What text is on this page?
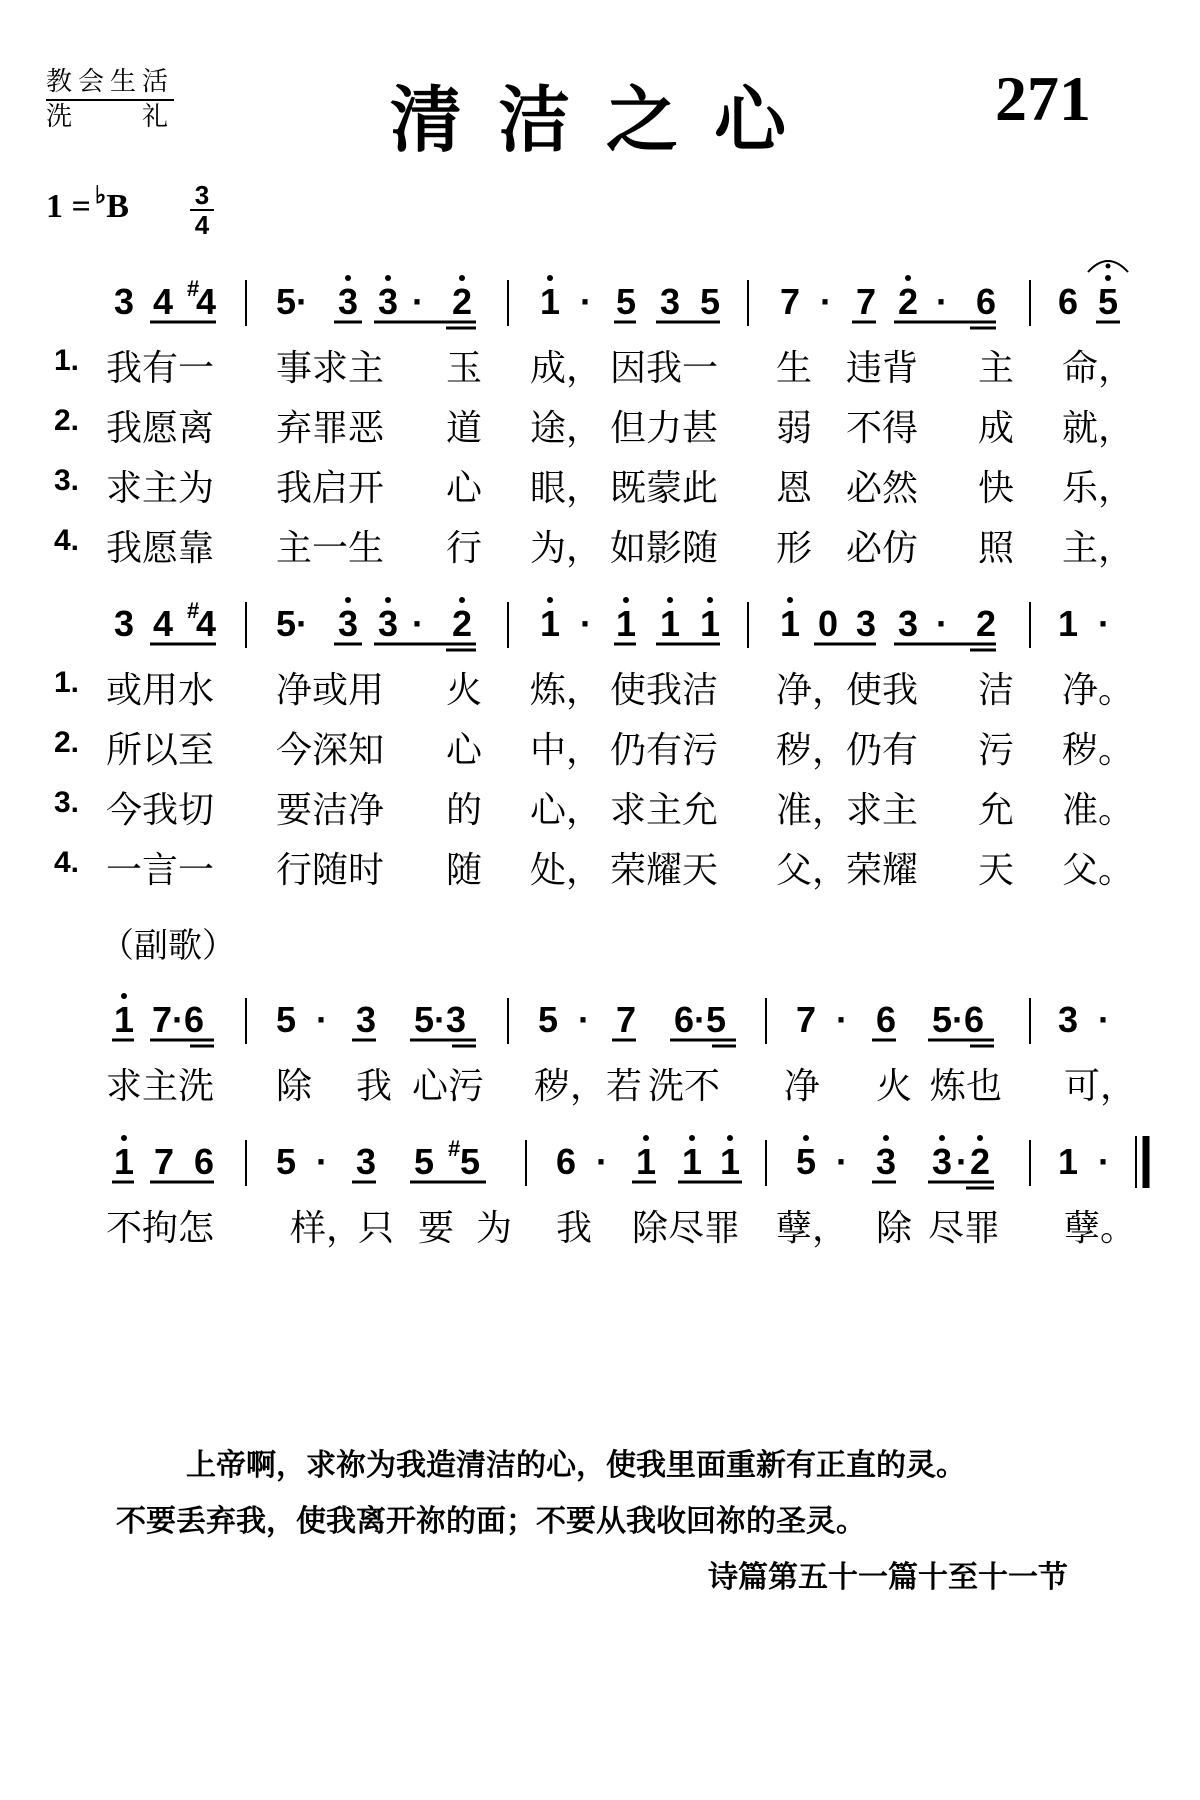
教会生活
洗　　礼	清洁之心	271
1 = ♭B	3
4
3 4 #
4 5· 3 3 · 2 1 · 5 3 5 7 · 7 2 · 6 6 5
3 4 #
4 5· 3 3 · 2 1 · 1 1 1 1 0 3 3 · 2 1 ·
1 7·6 5 · 3 5·3 5 · 7 6·5 7 · 6 5·6 3 ·
1 7 6 5 · 3 5 # 5 6 · 1 1 1 5 · 3 3 · 2 1 ·
1. 我有一 事求主 玉 成， 因我一 生 违背 主 命，
2. 我愿离 弃罪恶 道 途， 但力甚 弱 不得 成 就，
3. 求主为 我启开 心 眼， 既蒙此 恩 必然 快 乐，
4. 我愿靠 主一生 行 为， 如影随 形 必仿 照 主，
1. 或用水 净或用 火 炼， 使我洁 净，
使我 洁 净。
2. 所以至 今深知 心 中， 仍有污 秽，
仍有 污 秽。
3. 今我切 要洁净 的 心， 求主允 准，
求主 允 准。
4. 一言一 行随时 随 处， 荣耀天 父，
荣耀 天 父。
（副歌）
求主洗 除 我 心污 秽， 若 洗不 净 火 炼也 可，
不拘怎 样，
只 要 为 我 除尽罪 孽， 除 尽罪 孽。
上帝啊，求祢为我造清洁的心，使我里面重新有正直的灵。
不要丢弃我，使我离开祢的面；不要从我收回祢的圣灵。
诗篇第五十一篇十至十一节
